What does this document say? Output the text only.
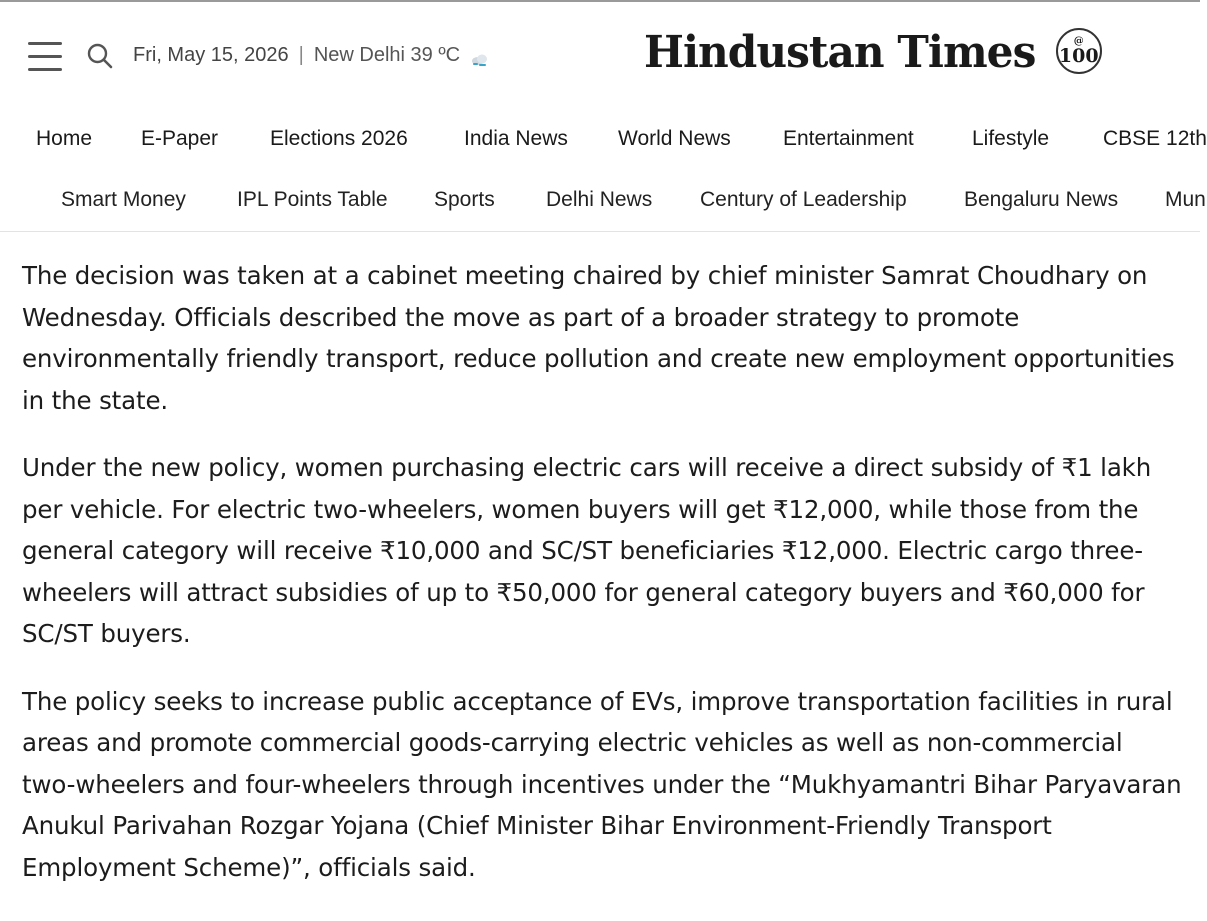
Fri, May 15, 2026 | New Delhi 39 ºC	Hindustan Times	@
100
Home E-Paper Elections 2026	India News World News Entertainment	Lifestyle	CBSE 12th
Smart Money IPL Points Table Sports Delhi News Century of Leadership	Bengaluru News Mun

The decision was taken at a cabinet meeting chaired by chief minister Samrat Choudhary on Wednesday. Officials described the move as part of a broader strategy to promote environmentally friendly transport, reduce pollution and create new employment opportunities in the state.

Under the new policy, women purchasing electric cars will receive a direct subsidy of ₹1 lakh per vehicle. For electric two-wheelers, women buyers will get ₹12,000, while those from the general category will receive ₹10,000 and SC/ST beneficiaries ₹12,000. Electric cargo three-wheelers will attract subsidies of up to ₹50,000 for general category buyers and ₹60,000 for SC/ST buyers.

The policy seeks to increase public acceptance of EVs, improve transportation facilities in rural areas and promote commercial goods-carrying electric vehicles as well as non-commercial two-wheelers and four-wheelers through incentives under the “Mukhyamantri Bihar Paryavaran Anukul Parivahan Rozgar Yojana (Chief Minister Bihar Environment-Friendly Transport Employment Scheme)”, officials said.
